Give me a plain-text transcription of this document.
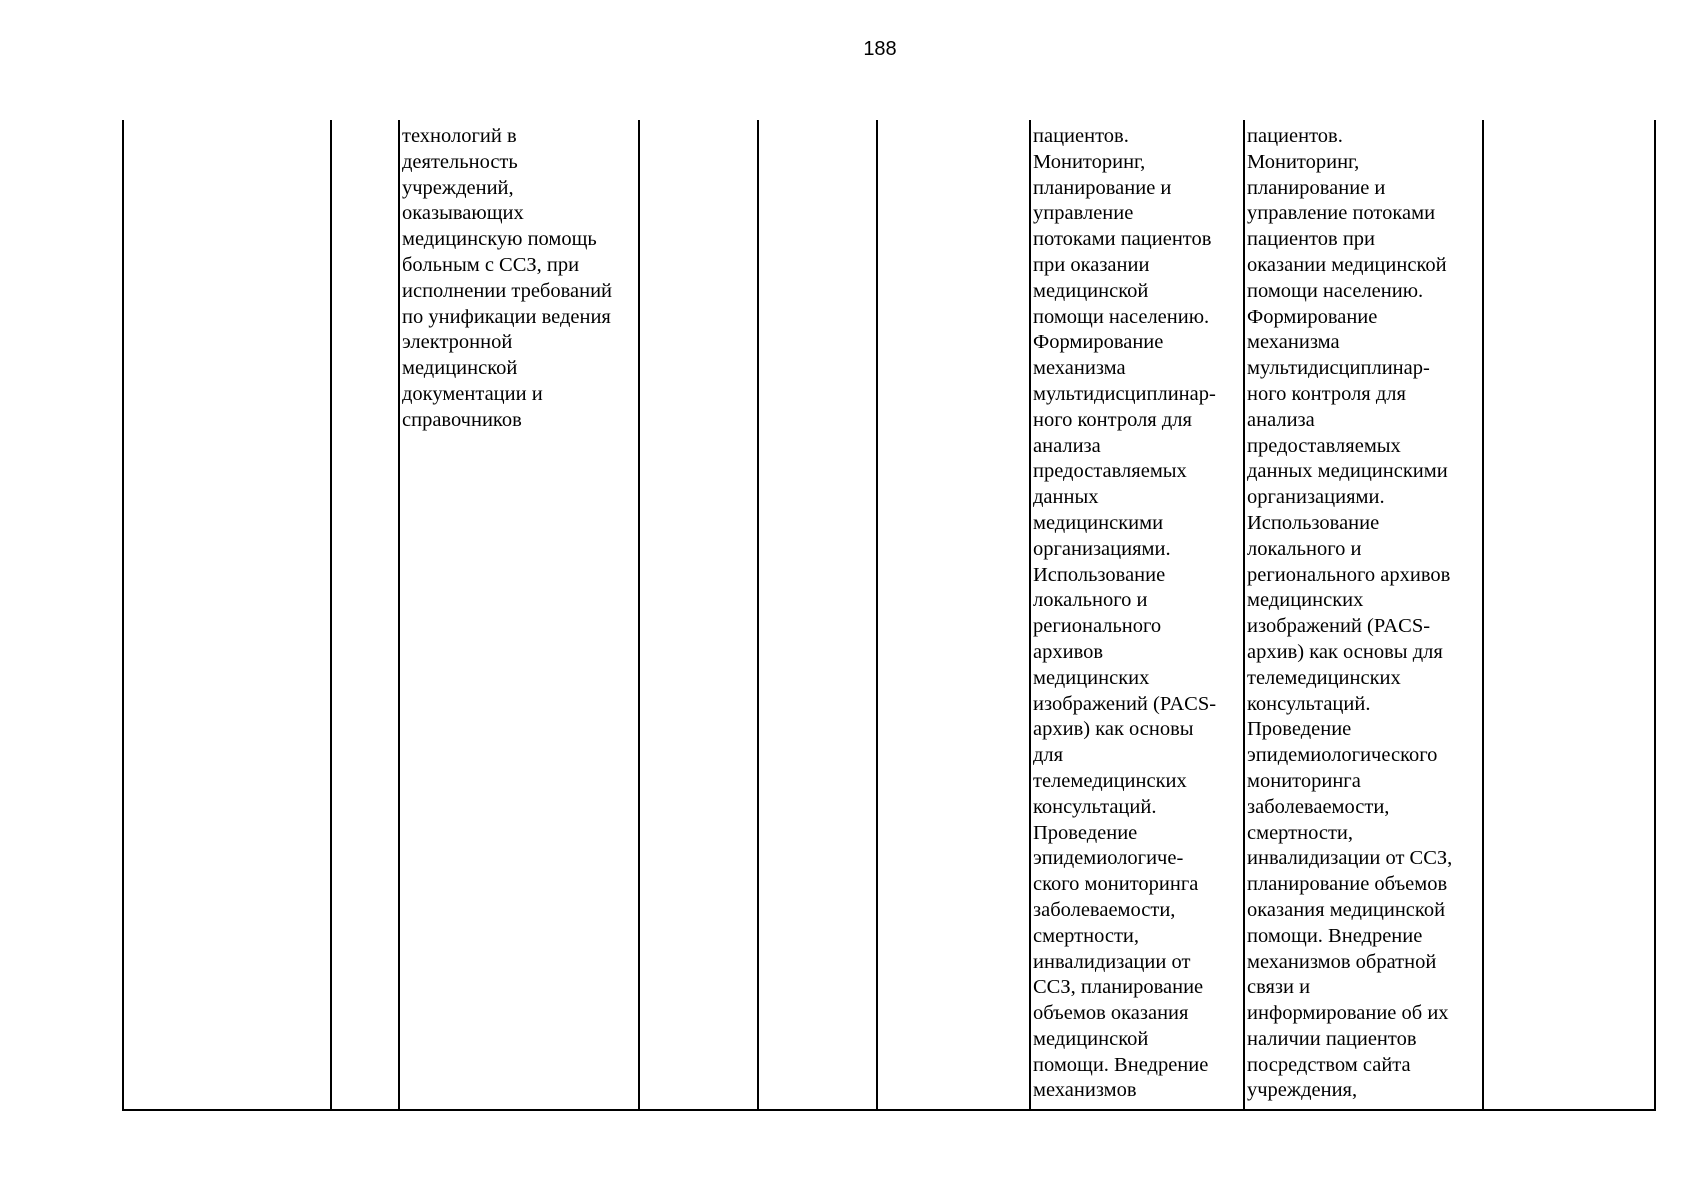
188
технологий в
деятельность
учреждений,
оказывающих
медицинскую помощь
больным с ССЗ, при
исполнении требований
по унификации ведения
электронной
медицинской
документации и
справочников
пациентов.
Мониторинг,
планирование и
управление
потоками пациентов
при оказании
медицинской
помощи населению.
Формирование
механизма
мультидисциплинар-
ного контроля для
анализа
предоставляемых
данных
медицинскими
организациями.
Использование
локального и
регионального
архивов
медицинских
изображений (PACS-
архив) как основы
для
телемедицинских
консультаций.
Проведение
эпидемиологиче-
ского мониторинга
заболеваемости,
смертности,
инвалидизации от
ССЗ, планирование
объемов оказания
медицинской
помощи. Внедрение
механизмов
пациентов.
Мониторинг,
планирование и
управление потоками
пациентов при
оказании медицинской
помощи населению.
Формирование
механизма
мультидисциплинар-
ного контроля для
анализа
предоставляемых
данных медицинскими
организациями.
Использование
локального и
регионального архивов
медицинских
изображений (PACS-
архив) как основы для
телемедицинских
консультаций.
Проведение
эпидемиологического
мониторинга
заболеваемости,
смертности,
инвалидизации от ССЗ,
планирование объемов
оказания медицинской
помощи. Внедрение
механизмов обратной
связи и
информирование об их
наличии пациентов
посредством сайта
учреждения,
